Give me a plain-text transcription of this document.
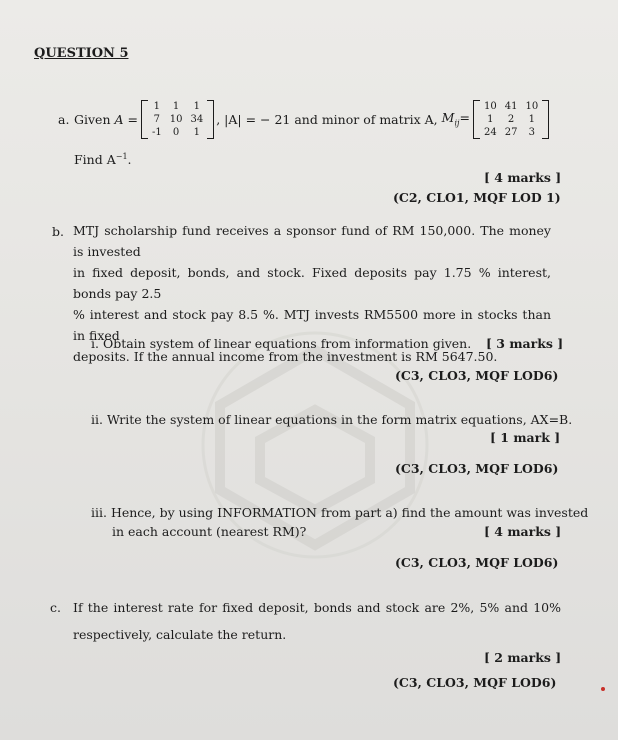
QUESTION 5
a. Given A =
1	1	1
7 10 34
-1	0	1
, |A| = − 21 and minor of matrix A, $M_{ij}=$
10 41 10
1	2	1
24 27	3
Find $A^{-1}$.
[ 4 marks ]
(C2, CLO1, MQF LOD 1)
b. MTJ scholarship fund receives a sponsor fund of RM 150,000. The money is invested
in fixed deposit, bonds, and stock. Fixed deposits pay 1.75 % interest, bonds pay 2.5
% interest and stock pay 8.5 %. MTJ invests RM5500 more in stocks than in fixed
deposits. If the annual income from the investment is RM 5647.50.
i. Obtain system of linear equations from information given. [ 3 marks ]
(C3, CLO3, MQF LOD6)
ii. Write the system of linear equations in the form matrix equations, AX=B.
[ 1 mark ]
(C3, CLO3, MQF LOD6)
iii. Hence, by using INFORMATION from part a) find the amount was invested
in each account (nearest RM)?	[ 4 marks ]
(C3, CLO3, MQF LOD6)
c. If the interest rate for fixed deposit, bonds and stock are 2%, 5% and 10%
respectively, calculate the return.
[ 2 marks ]
(C3, CLO3, MQF LOD6)
